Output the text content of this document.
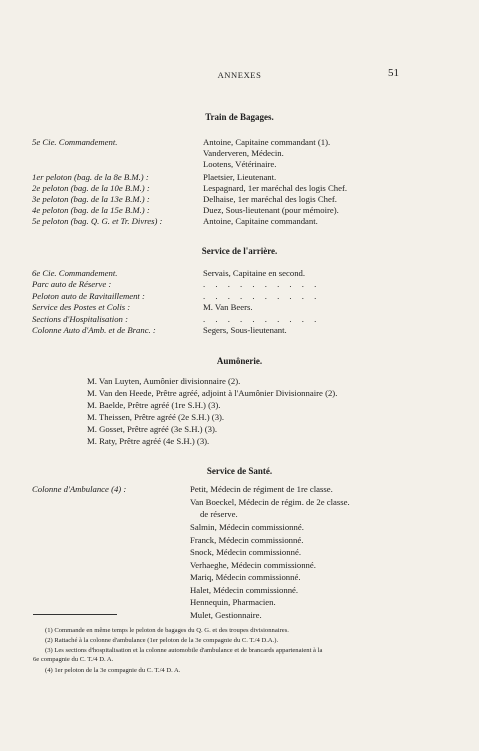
ANNEXES	51
Train de Bagages.
5e Cie. Commandement.	Antoine, Capitaine commandant (1).
Vanderveren, Médecin.
Lootens, Vétérinaire.
1er peloton (bag. de la 8e B.M.) :	Plaetsier, Lieutenant.
2e peloton (bag. de la 10e B.M.) :	Lespagnard, 1er maréchal des logis Chef.
3e peloton (bag. de la 13e B.M.) :	Delhaise, 1er maréchal des logis Chef.
4e peloton (bag. de la 15e B.M.) :	Duez, Sous-lieutenant (pour mémoire).
5e peloton (bag. Q. G. et Tr. Divres) :	Antoine, Capitaine commandant.
Service de l'arrière.
6e Cie. Commandement.	Servais, Capitaine en second.
Parc auto de Réserve :	. . . . . . . . . .
Peloton auto de Ravitaillement :	. . . . . . . . . .
Service des Postes et Colis :	M. Van Beers.
Sections d'Hospitalisation :	. . . . . . . . . .
Colonne Auto d'Amb. et de Branc. :	Segers, Sous-lieutenant.
Aumônerie.
M. Van Luyten, Aumônier divisionnaire (2).
M. Van den Heede, Prêtre agréé, adjoint à l'Aumônier Divisionnaire (2).
M. Baelde, Prêtre agréé (1re S.H.) (3).
M. Theissen, Prêtre agréé (2e S.H.) (3).
M. Gosset, Prêtre agréé (3e S.H.) (3).
M. Raty, Prêtre agréé (4e S.H.) (3).
Service de Santé.
Colonne d'Ambulance (4) :	Petit, Médecin de régiment de 1re classe.
Van Boeckel, Médecin de régim. de 2e classe.
de réserve.
Salmin, Médecin commissionné.
Franck, Médecin commissionné.
Snock, Médecin commissionné.
Verhaeghe, Médecin commissionné.
Mariq, Médecin commissionné.
Halet, Médecin commissionné.
Hennequin, Pharmacien.
Mulet, Gestionnaire.
(1) Commande en même temps le peloton de bagages du Q. G. et des troupes divisionnaires.
(2) Rattaché à la colonne d'ambulance (1er peloton de la 3e compagnie du C. T./4 D.A.).
(3) Les sections d'hospitalisation et la colonne automobile d'ambulance et de brancards appartenaient à la
6e compagnie du C. T./4 D. A.
(4) 1er peloton de la 3e compagnie du C. T./4 D. A.
